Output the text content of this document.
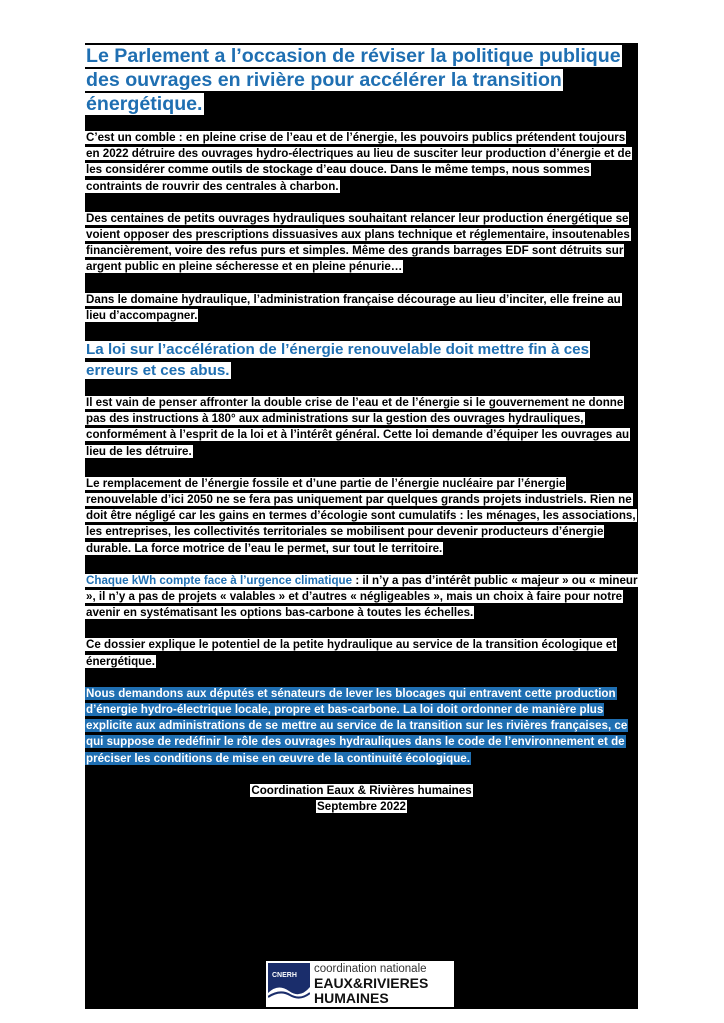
Le Parlement a l’occasion de réviser la politique publique des ouvrages en rivière pour accélérer la transition énergétique.

C’est un comble : en pleine crise de l’eau et de l’énergie, les pouvoirs publics prétendent toujours en 2022 détruire des ouvrages hydro-électriques au lieu de susciter leur production d’énergie et de les considérer comme outils de stockage d’eau douce. Dans le même temps, nous sommes contraints de rouvrir des centrales à charbon.

Des centaines de petits ouvrages hydrauliques souhaitant relancer leur production énergétique se voient opposer des prescriptions dissuasives aux plans technique et réglementaire, insoutenables financièrement, voire des refus purs et simples. Même des grands barrages EDF sont détruits sur argent public en pleine sécheresse et en pleine pénurie…

Dans le domaine hydraulique, l’administration française décourage au lieu d’inciter, elle freine au lieu d’accompagner.

La loi sur l’accélération de l’énergie renouvelable doit mettre fin à ces erreurs et ces abus.

Il est vain de penser affronter la double crise de l’eau et de l’énergie si le gouvernement ne donne pas des instructions à 180° aux administrations sur la gestion des ouvrages hydrauliques, conformément à l’esprit de la loi et à l’intérêt général. Cette loi demande d’équiper les ouvrages au lieu de les détruire.

Le remplacement de l’énergie fossile et d’une partie de l’énergie nucléaire par l’énergie renouvelable d’ici 2050 ne se fera pas uniquement par quelques grands projets industriels. Rien ne doit être négligé car les gains en termes d’écologie sont cumulatifs : les ménages, les associations, les entreprises, les collectivités territoriales se mobilisent pour devenir producteurs d’énergie durable. La force motrice de l’eau le permet, sur tout le territoire.

Chaque kWh compte face à l’urgence climatique : il n’y a pas d’intérêt public « majeur » ou « mineur », il n’y a pas de projets « valables » et d’autres « négligeables », mais un choix à faire pour notre avenir en systématisant les options bas-carbone à toutes les échelles.

Ce dossier explique le potentiel de la petite hydraulique au service de la transition écologique et énergétique.

Nous demandons aux députés et sénateurs de lever les blocages qui entravent cette production d’énergie hydro-électrique locale, propre et bas-carbone. La loi doit ordonner de manière plus explicite aux administrations de se mettre au service de la transition sur les rivières françaises, ce qui suppose de redéfinir le rôle des ouvrages hydrauliques dans le code de l’environnement et de préciser les conditions de mise en œuvre de la continuité écologique.

Coordination Eaux & Rivières humaines

Septembre 2022

CNERH
coordination nationale
EAUX&RIVIERES
HUMAINES
